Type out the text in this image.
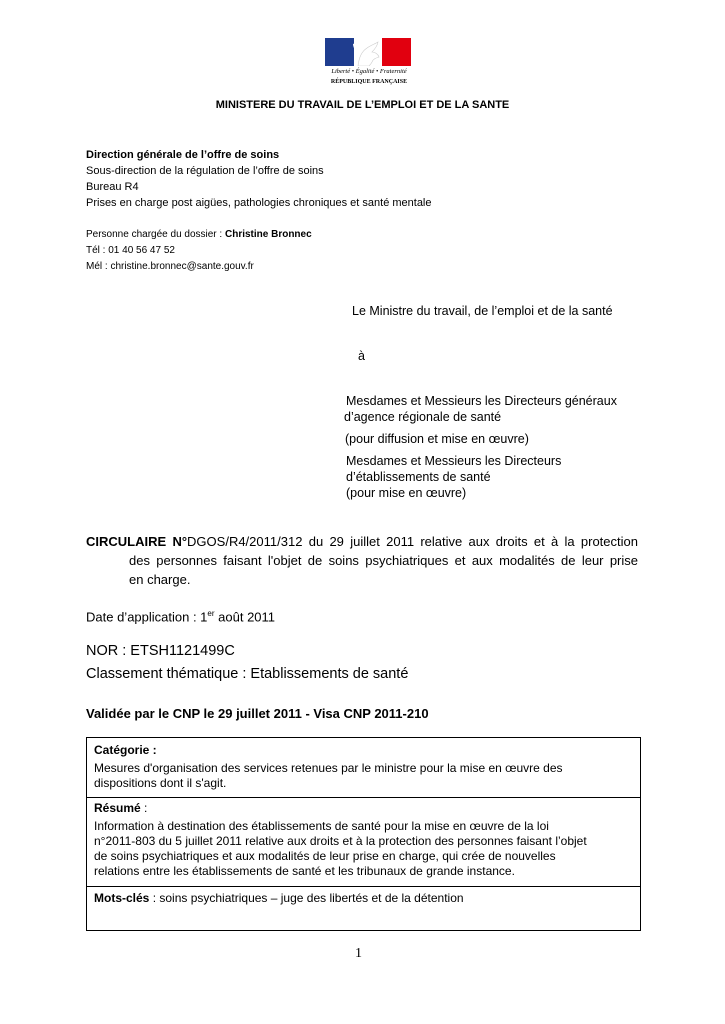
Liberté • Égalité • Fraternité
RÉPUBLIQUE FRANÇAISE
MINISTERE DU TRAVAIL DE L’EMPLOI ET DE LA SANTE
Direction générale de l’offre de soins
Sous-direction de la régulation de l’offre de soins
Bureau R4
Prises en charge post aigües, pathologies chroniques et santé mentale
Personne chargée du dossier : Christine Bronnec
Tél : 01 40 56 47 52
Mél : christine.bronnec@sante.gouv.fr
Le Ministre du travail, de l’emploi et de la santé
à
Mesdames et Messieurs les Directeurs généraux
d’agence régionale de santé
(pour diffusion et mise en œuvre)
Mesdames et Messieurs les Directeurs
d’établissements de santé
(pour mise en œuvre)
CIRCULAIRE N°DGOS/R4/2011/312 du 29 juillet 2011 relative aux droits et à la protection
des personnes faisant l'objet de soins psychiatriques et aux modalités de leur prise
en charge.
Date d’application : 1er août 2011
NOR : ETSH1121499C
Classement thématique : Etablissements de santé
Validée par le CNP le 29 juillet 2011 - Visa CNP 2011-210
Catégorie :
Mesures d'organisation des services retenues par le ministre pour la mise en œuvre des
dispositions dont il s'agit.
Résumé :
Information à destination des établissements de santé pour la mise en œuvre de la loi
n°2011-803 du 5 juillet 2011 relative aux droits et à la protection des personnes faisant l’objet
de soins psychiatriques et aux modalités de leur prise en charge, qui crée de nouvelles
relations entre les établissements de santé et les tribunaux de grande instance.
Mots-clés : soins psychiatriques – juge des libertés et de la détention
1
